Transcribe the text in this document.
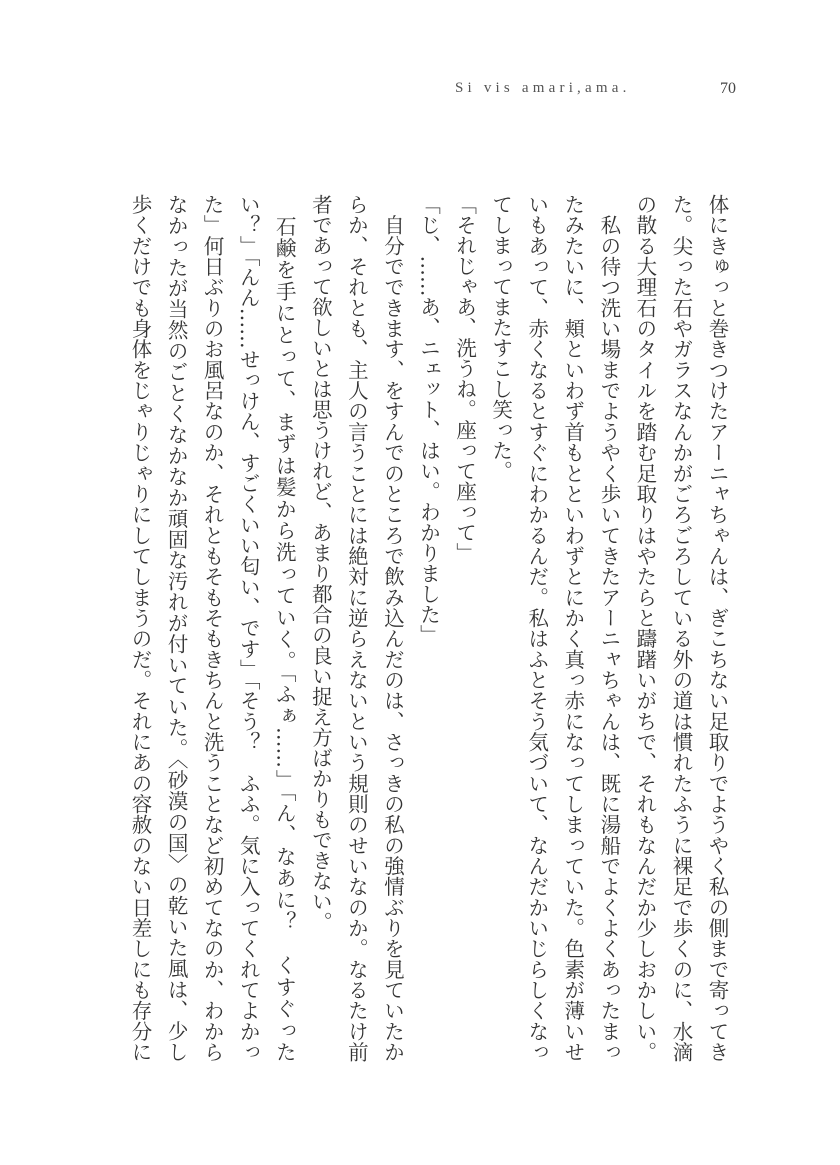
Si vis amari,ama.	70
体にきゅっと巻きつけたアーニャちゃんは、ぎこちない足取りでようやく私の側まで寄ってき
た。尖った石やガラスなんかがごろごろしている外の道は慣れたふうに裸足で歩くのに、水滴
の散る大理石のタイルを踏む足取りはやたらと躊躇いがちで、それもなんだか少しおかしい。
　私の待つ洗い場までようやく歩いてきたアーニャちゃんは、既に湯船でよくよくあったまっ
たみたいに、頬といわず首もとといわずとにかく真っ赤になってしまっていた。色素が薄いせ
いもあって、赤くなるとすぐにわかるんだ。私はふとそう気づいて、なんだかいじらしくなっ
てしまってまたすこし笑った。
「それじゃあ、洗うね。座って座って」
「じ、……あ、ニェット、はい。わかりました」
　自分でできます、をすんでのところで飲み込んだのは、さっきの私の強情ぶりを見ていたか
らか、それとも、主人の言うことには絶対に逆らえないという規則のせいなのか。なるたけ前
者であって欲しいとは思うけれど、あまり都合の良い捉え方ばかりもできない。
　石鹸を手にとって、まずは髪から洗っていく。「ふぁ……」「ん、なあに？　くすぐった
い？」「んん……せっけん、すごくいい匂い、です」「そう？　ふふ。気に入ってくれてよかっ
た」何日ぶりのお風呂なのか、それともそもそもきちんと洗うことなど初めてなのか、わから
なかったが当然のごとくなかなか頑固な汚れが付いていた。〈砂漠の国〉の乾いた風は、少し
歩くだけでも身体をじゃりじゃりにしてしまうのだ。それにあの容赦のない日差しにも存分に
